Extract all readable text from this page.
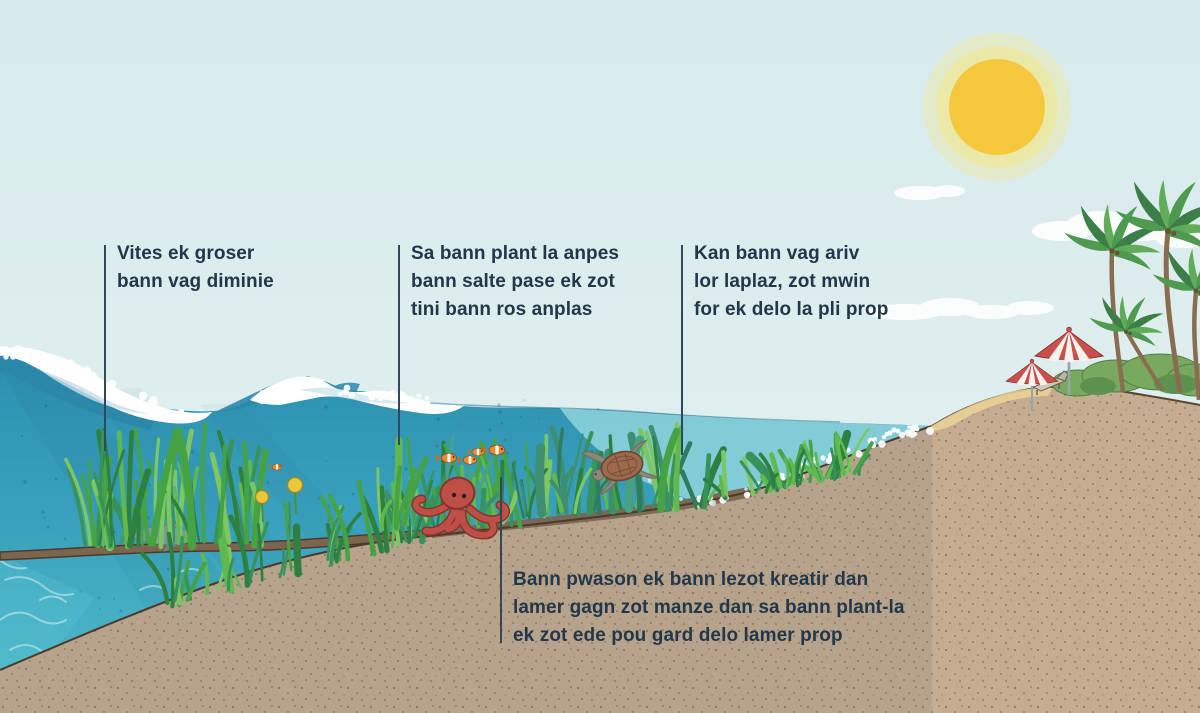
Vites ek groser
bann vag diminie
Sa bann plant la anpes
bann salte pase ek zot
tini bann ros anplas
Kan bann vag ariv
lor laplaz, zot mwin
for ek delo la pli prop
Bann pwason ek bann lezot kreatir dan
lamer gagn zot manze dan sa bann plant-la
ek zot ede pou gard delo lamer prop
